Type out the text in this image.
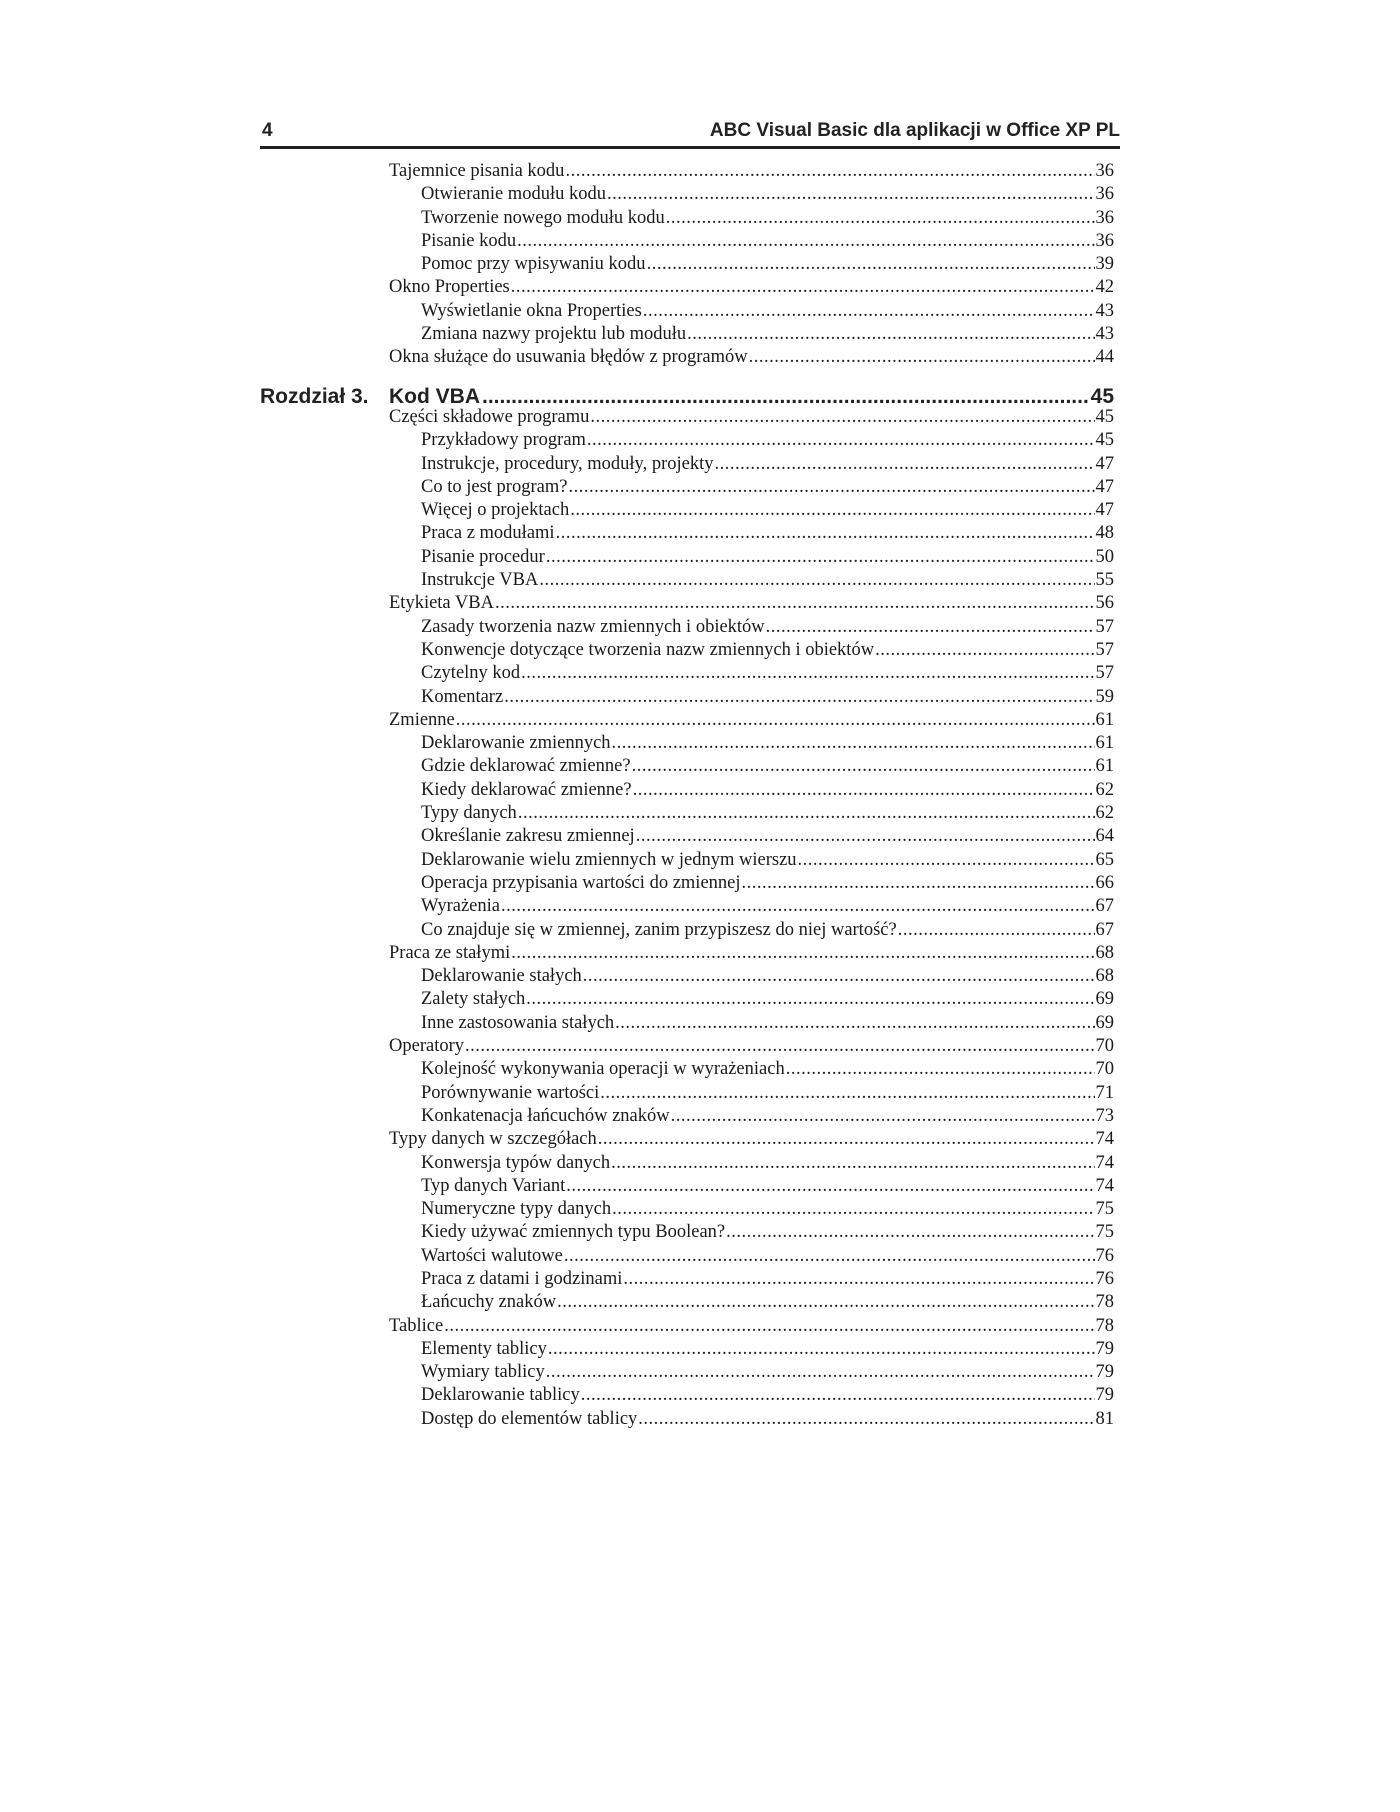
4	ABC Visual Basic dla aplikacji w Office XP PL
Tajemnice pisania kodu .....	36
Otwieranie modułu kodu .....	36
Tworzenie nowego modułu kodu .....	36
Pisanie kodu .....	36
Pomoc przy wpisywaniu kodu .....	39
Okno Properties .....	42
Wyświetlanie okna Properties .....	43
Zmiana nazwy projektu lub modułu .....	43
Okna służące do usuwania błędów z programów .....	44
Rozdział 3. Kod VBA .....	45
Części składowe programu .....	45
Przykładowy program .....	45
Instrukcje, procedury, moduły, projekty .....	47
Co to jest program? .....	47
Więcej o projektach .....	47
Praca z modułami .....	48
Pisanie procedur .....	50
Instrukcje VBA .....	55
Etykieta VBA .....	56
Zasady tworzenia nazw zmiennych i obiektów .....	57
Konwencje dotyczące tworzenia nazw zmiennych i obiektów .....	57
Czytelny kod .....	57
Komentarz .....	59
Zmienne .....	61
Deklarowanie zmiennych .....	61
Gdzie deklarować zmienne? .....	61
Kiedy deklarować zmienne? .....	62
Typy danych .....	62
Określanie zakresu zmiennej .....	64
Deklarowanie wielu zmiennych w jednym wierszu .....	65
Operacja przypisania wartości do zmiennej .....	66
Wyrażenia .....	67
Co znajduje się w zmiennej, zanim przypiszesz do niej wartość? .....	67
Praca ze stałymi .....	68
Deklarowanie stałych .....	68
Zalety stałych .....	69
Inne zastosowania stałych .....	69
Operatory .....	70
Kolejność wykonywania operacji w wyrażeniach .....	70
Porównywanie wartości .....	71
Konkatenacja łańcuchów znaków .....	73
Typy danych w szczegółach .....	74
Konwersja typów danych .....	74
Typ danych Variant .....	74
Numeryczne typy danych .....	75
Kiedy używać zmiennych typu Boolean? .....	75
Wartości walutowe .....	76
Praca z datami i godzinami .....	76
Łańcuchy znaków .....	78
Tablice .....	78
Elementy tablicy .....	79
Wymiary tablicy .....	79
Deklarowanie tablicy .....	79
Dostęp do elementów tablicy .....	81
